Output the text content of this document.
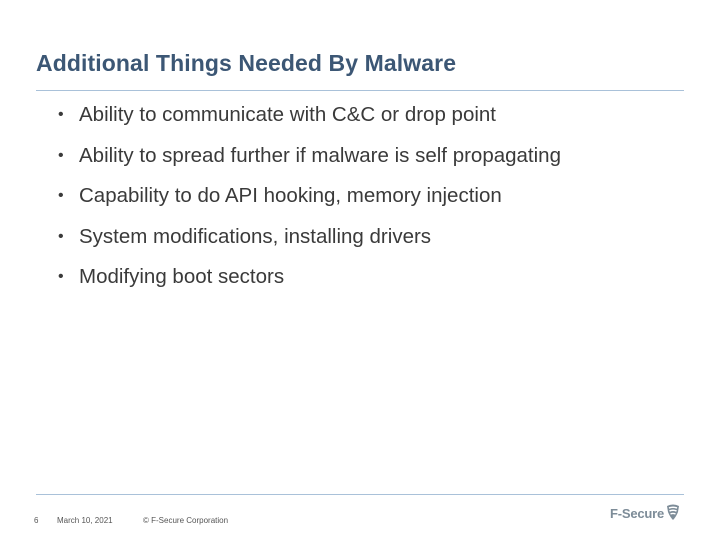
Additional Things Needed By Malware
• Ability to communicate with C&C or drop point
• Ability to spread further if malware is self propagating
• Capability to do API hooking, memory injection
• System modifications, installing drivers
• Modifying boot sectors
6 March 10, 2021	© F-Secure Corporation	F-Secure
